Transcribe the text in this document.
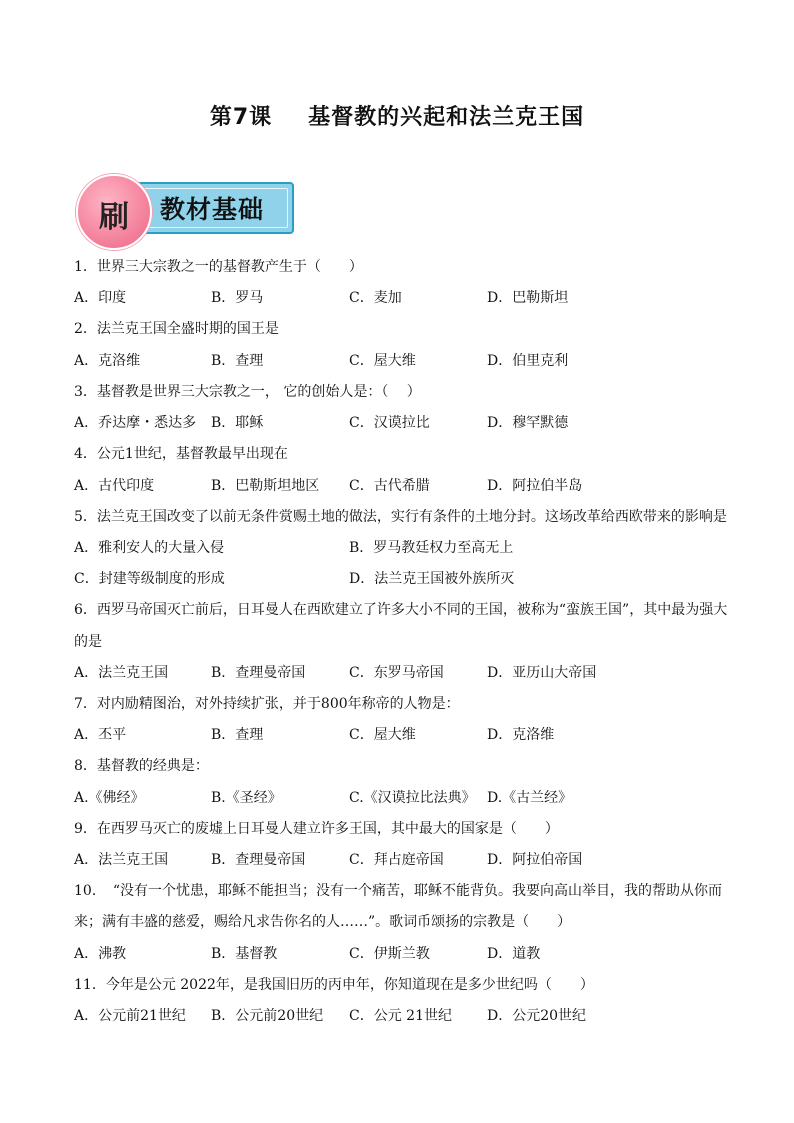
第7课 基督教的兴起和法兰克王国
刷	教材基础
1．世界三大宗教之一的基督教产生于（　　）
A．印度	B．罗马	C．麦加	D．巴勒斯坦
2．法兰克王国全盛时期的国王是
A．克洛维	B．查理	C．屋大维	D．伯里克利
3．基督教是世界三大宗教之一， 它的创始人是：（　 ）
A．乔达摩・悉达多 B．耶稣	C．汉谟拉比	D．穆罕默德
4．公元1世纪，基督教最早出现在
A．古代印度	B．巴勒斯坦地区 C．古代希腊	D．阿拉伯半岛
5．法兰克王国改变了以前无条件赏赐土地的做法，实行有条件的土地分封。这场改革给西欧带来的影响是
A．雅利安人的大量入侵	B．罗马教廷权力至高无上
C．封建等级制度的形成	D．法兰克王国被外族所灭
6．西罗马帝国灭亡前后，日耳曼人在西欧建立了许多大小不同的王国，被称为“蛮族王国”，其中最为强大
的是
A．法兰克王国	B．查理曼帝国	C．东罗马帝国	D．亚历山大帝国
7．对内励精图治，对外持续扩张，并于800年称帝的人物是：
A．丕平	B．查理	C．屋大维	D．克洛维
8．基督教的经典是：
A.《佛经》	B.《圣经》	C.《汉谟拉比法典》 D.《古兰经》
9．在西罗马灭亡的废墟上日耳曼人建立许多王国，其中最大的国家是（　　）
A．法兰克王国	B．查理曼帝国	C．拜占庭帝国	D．阿拉伯帝国
10．　“没有一个忧患，耶稣不能担当；没有一个痛苦，耶稣不能背负。我要向高山举目，我的帮助从你而
来；满有丰盛的慈爱，赐给凡求告你名的人……”。歌词币颂扬的宗教是（　　）
A．沸教	B．基督教	C．伊斯兰教	D．道教
11．今年是公元 2022年，是我国旧历的丙申年，你知道现在是多少世纪吗（　　）
A．公元前21世纪 B．公元前20世纪 C．公元 21世纪	D．公元20世纪
